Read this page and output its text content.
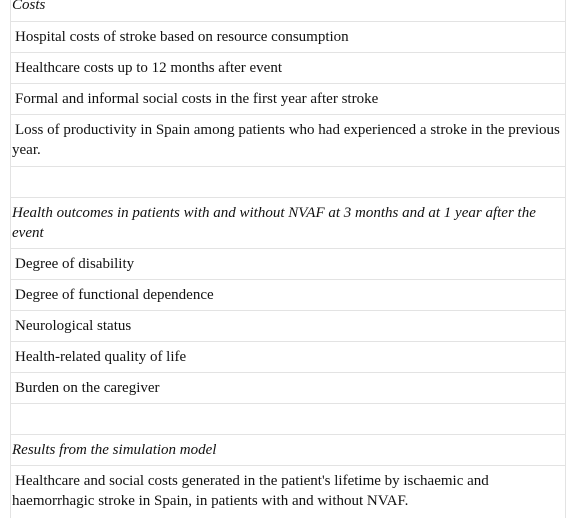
Costs
Hospital costs of stroke based on resource consumption
Healthcare costs up to 12 months after event
Formal and informal social costs in the first year after stroke
Loss of productivity in Spain among patients who had experienced a stroke in the previous year.
Health outcomes in patients with and without NVAF at 3 months and at 1 year after the event
Degree of disability
Degree of functional dependence
Neurological status
Health-related quality of life
Burden on the caregiver
Results from the simulation model
Healthcare and social costs generated in the patient's lifetime by ischaemic and haemorrhagic stroke in Spain, in patients with and without NVAF.
